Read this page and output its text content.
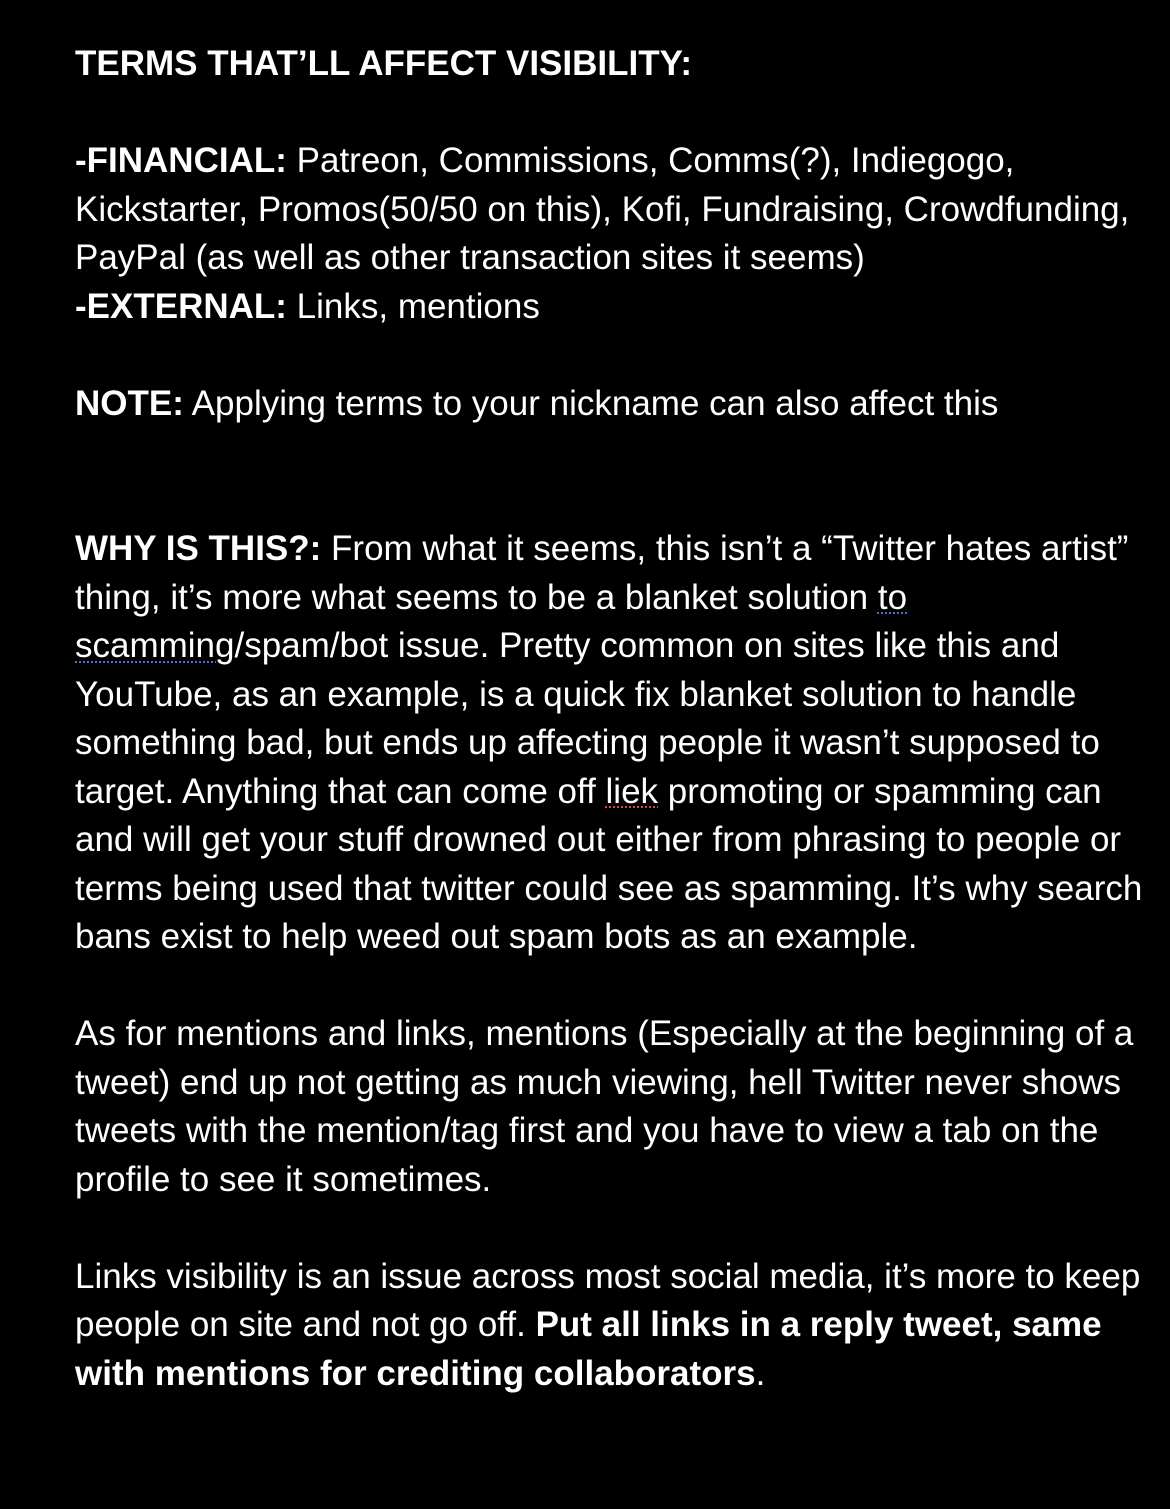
TERMS THAT’LL AFFECT VISIBILITY:

-FINANCIAL: Patreon, Commissions, Comms(?), Indiegogo, Kickstarter, Promos(50/50 on this), Kofi, Fundraising, Crowdfunding, PayPal (as well as other transaction sites it seems)

-EXTERNAL: Links, mentions

NOTE: Applying terms to your nickname can also affect this

WHY IS THIS?: From what it seems, this isn’t a “Twitter hates artist” thing, it’s more what seems to be a blanket solution to scamming/spam/bot issue. Pretty common on sites like this and YouTube, as an example, is a quick fix blanket solution to handle something bad, but ends up affecting people it wasn’t supposed to target. Anything that can come off liek promoting or spamming can and will get your stuff drowned out either from phrasing to people or terms being used that twitter could see as spamming. It’s why search bans exist to help weed out spam bots as an example.

As for mentions and links, mentions (Especially at the beginning of a tweet) end up not getting as much viewing, hell Twitter never shows tweets with the mention/tag first and you have to view a tab on the profile to see it sometimes.

Links visibility is an issue across most social media, it’s more to keep people on site and not go off. Put all links in a reply tweet, same with mentions for crediting collaborators.
